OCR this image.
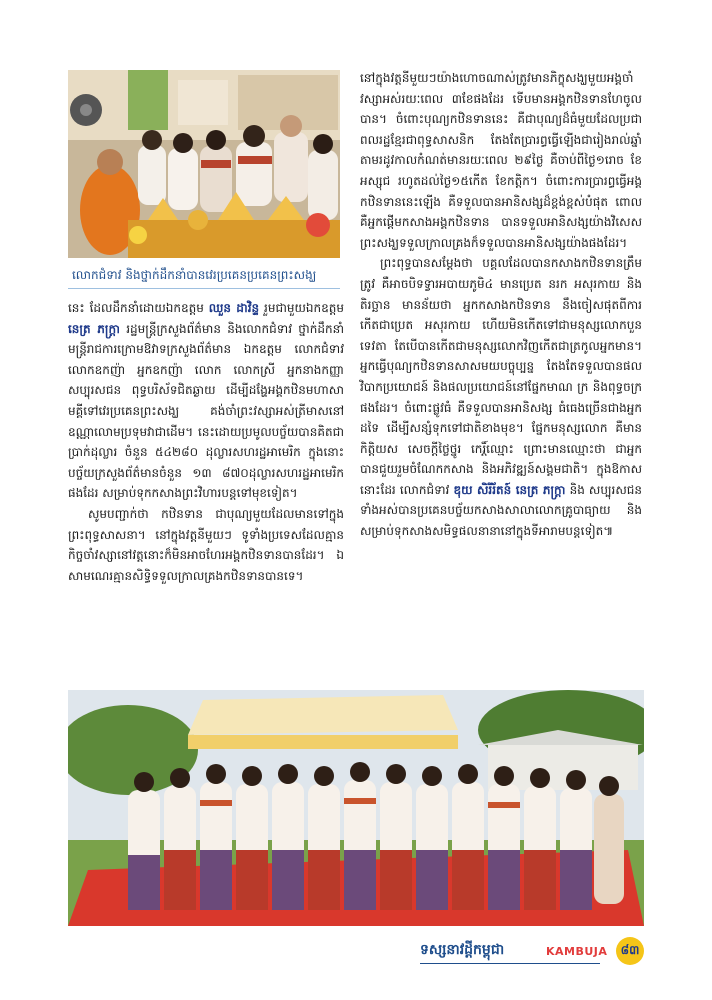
លោកជំទាវ និងថ្នាក់ដឹកនាំបានវេរប្រគេនប្រគេនព្រះសង្ឃ

នេះ ដែលដឹកនាំដោយឯកឧត្តម ឈួន ដាវិន្ទ រួមជាមួយឯកឧត្តម នេត្រ ភក្ត្រា រដ្ឋមន្ត្រីក្រសួងព័ត៌មាន និងលោកជំទាវ ថ្នាក់ដឹកនាំ មន្ត្រីរាជការក្រោមឱវាទក្រសួងព័ត៌មាន ឯកឧត្តម លោកជំទាវ លោកឧកញ៉ា អ្នកឧកញ៉ា លោក លោកស្រី អ្នកនាងកញ្ញា សប្បុរសជន ពុទ្ធបរិស័ទជិតឆ្ងាយ ដើម្បីដង្ហែអង្គកឋិនមហាសាមគ្គីទៅវេរប្រគេនព្រះសង្ឃ គង់ចាំព្រះវស្សាអស់ត្រីមាសនៅឧណ្ណាលោមប្រទុមវាជាដើម។ នេះដោយប្រមូលបច្ច័យបានគិតជាប្រាក់ដុល្លារ ចំនួន ៥៤២៨០ ដុល្លារសហរដ្ឋអាមេរិក ក្នុងនោះបច្ច័យក្រសួងព័ត៌មានចំនួន ១៣ ៨៧០ដុល្លារសហរដ្ឋអាមេរិកផងដែរ សម្រាប់ទុកកសាងព្រះវិហារបន្តទៅមុខទៀត។

សូមបញ្ជាក់ថា កឋិនទាន ជាបុណ្យមួយដែលមានទៅក្នុងព្រះពុទ្ធសាសនា។ នៅក្នុងវត្តនីមួយៗ ទូទាំងប្រទេសដែលគ្មានកិច្ចចាំវស្សានៅវត្តនោះក៏មិនអាចហែរអង្គកឋិនទានបានដែរ។ ឯសាមណេរគ្មានសិទ្ធិទទួលក្រាលគ្រងកឋិនទានបានទេ។

នៅក្នុងវត្តនីមួយៗយ៉ាងហោចណាស់ត្រូវមានភិក្ខុសង្ឃមួយអង្គចាំវស្សាអស់រយៈពេល ៣ខែផងដែរ ទើបមានអង្គកឋិនទានហែចូលបាន។ ចំពោះបុណ្យកឋិនទាននេះ គឺជាបុណ្យដ៏ធំមួយដែលប្រជាពលរដ្ឋខ្មែរជាពុទ្ធសាសនិក តែងតែប្រារព្ធធ្វើឡើងជារៀងរាល់ឆ្នាំ តាមរដូវកាលកំណត់មានរយៈពេល ២៩ថ្ងៃ គឺចាប់ពីថ្ងៃ១រោច ខែអស្សុជ រហូតដល់ថ្ងៃ១៥កើត ខែកត្តិក។ ចំពោះការប្រារព្ធធ្វើអង្គកឋិនទាននេះឡើង គឺទទួលបានអានិសង្សដ៏ខ្ពង់ខ្ពស់បំផុត ពោល គឺអ្នកផ្តើមកសាងអង្គកឋិនទាន បានទទួលអានិសង្សយ៉ាងវិសេស ព្រះសង្ឃទទួលក្រាលគ្រងក៏ទទួលបានអានិសង្សយ៉ាងផងដែរ។

ព្រះពុទ្ធបានសម្តែងថា បគ្គលដែលបានកសាងកឋិនទានត្រឹមត្រូវ គឺអាចបិទទ្វារអបាយភូមិ៤ មានប្រេត នរក អសុរកាយ និងតិរច្ឆាន មានន័យថា អ្នកកសាងកឋិនទាន នឹងចៀសផុតពីការកើតជាប្រេត អសុរកាយ ហើយមិនកើតទៅជាមនុស្សលោកបួនទេវតា តែបើបានកើតជាមនុស្សលោកវិញកើតជាត្រកូលអ្នកមាន។ អ្នកធ្វើបុណ្យកឋិនទានសាសមយបច្ចុប្បន្ន តែងតែទទួលបានផលវិបាកប្រយោជន៍ និងផលប្រយោជន៍នៅផ្នែកមាណ ក្រ និងពុទ្ធចក្រផងដែរ។ ចំពោះផ្លូវធំ គឺទទួលបានអានិសង្ស ធំធេងច្រើនជាងអ្នកដទៃ ដើម្បីសន្សំទុកទៅជាតិខាងមុខ។ ផ្នែកមនុស្សលោក គឺមានកិត្តិយស សេចក្តីថ្លៃថ្នូរ កេរ្តិ៍ឈ្មោះ ព្រោះមានឈ្មោះថា ជាអ្នកបានជួយរួមចំណែកកសាង និងអភិវឌ្ឍន៍សង្គមជាតិ។ ក្នុងឱកាសនោះដែរ លោកជំទាវ ឌុយ សិរីរ័តន៍ នេត្រ ភក្ត្រា និង សប្បុរសជនទាំងអស់បានប្រគេនបច្ច័យកសាងសាលាលោកគ្រូបាធ្យាយ និងសម្រាប់ទុកសាងសមិទ្ធផលនានានៅក្នុងទីអារាមបន្តទៀត៕

ទស្សនាវដ្តីកម្ពុជា	KAMBUJA	៨៣
